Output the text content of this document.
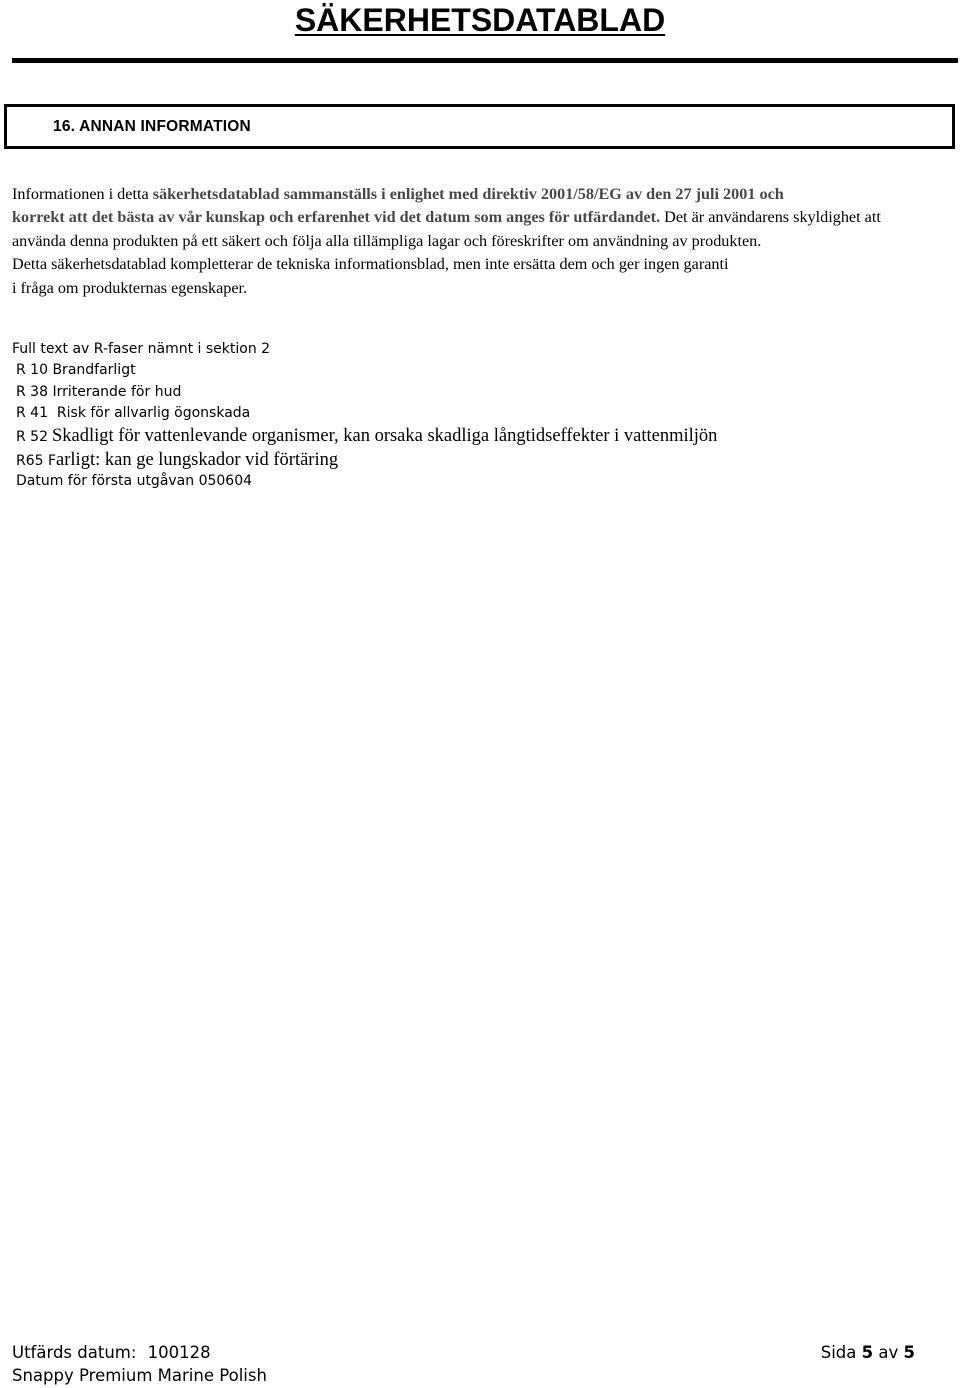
SÄKERHETSDATABLAD
16. ANNAN INFORMATION
Informationen i detta säkerhetsdatablad sammanställs i enlighet med direktiv 2001/58/EG av den 27 juli 2001 och
korrekt att det bästa av vår kunskap och erfarenhet vid det datum som anges för utfärdandet. Det är användarens skyldighet att
använda denna produkten på ett säkert och följa alla tillämpliga lagar och föreskrifter om användning av produkten.
Detta säkerhetsdatablad kompletterar de tekniska informationsblad, men inte ersätta dem och ger ingen garanti
i fråga om produkternas egenskaper.
Full text av R-faser nämnt i sektion 2
R 10 Brandfarligt
R 38 Irriterande för hud
R 41  Risk för allvarlig ögonskada
R 52 Skadligt för vattenlevande organismer, kan orsaka skadliga långtidseffekter i vattenmiljön
R65 Farligt: kan ge lungskador vid förtäring
Datum för första utgåvan 050604
Utfärds datum: 100128	Sida 5 av 5
Snappy Premium Marine Polish
